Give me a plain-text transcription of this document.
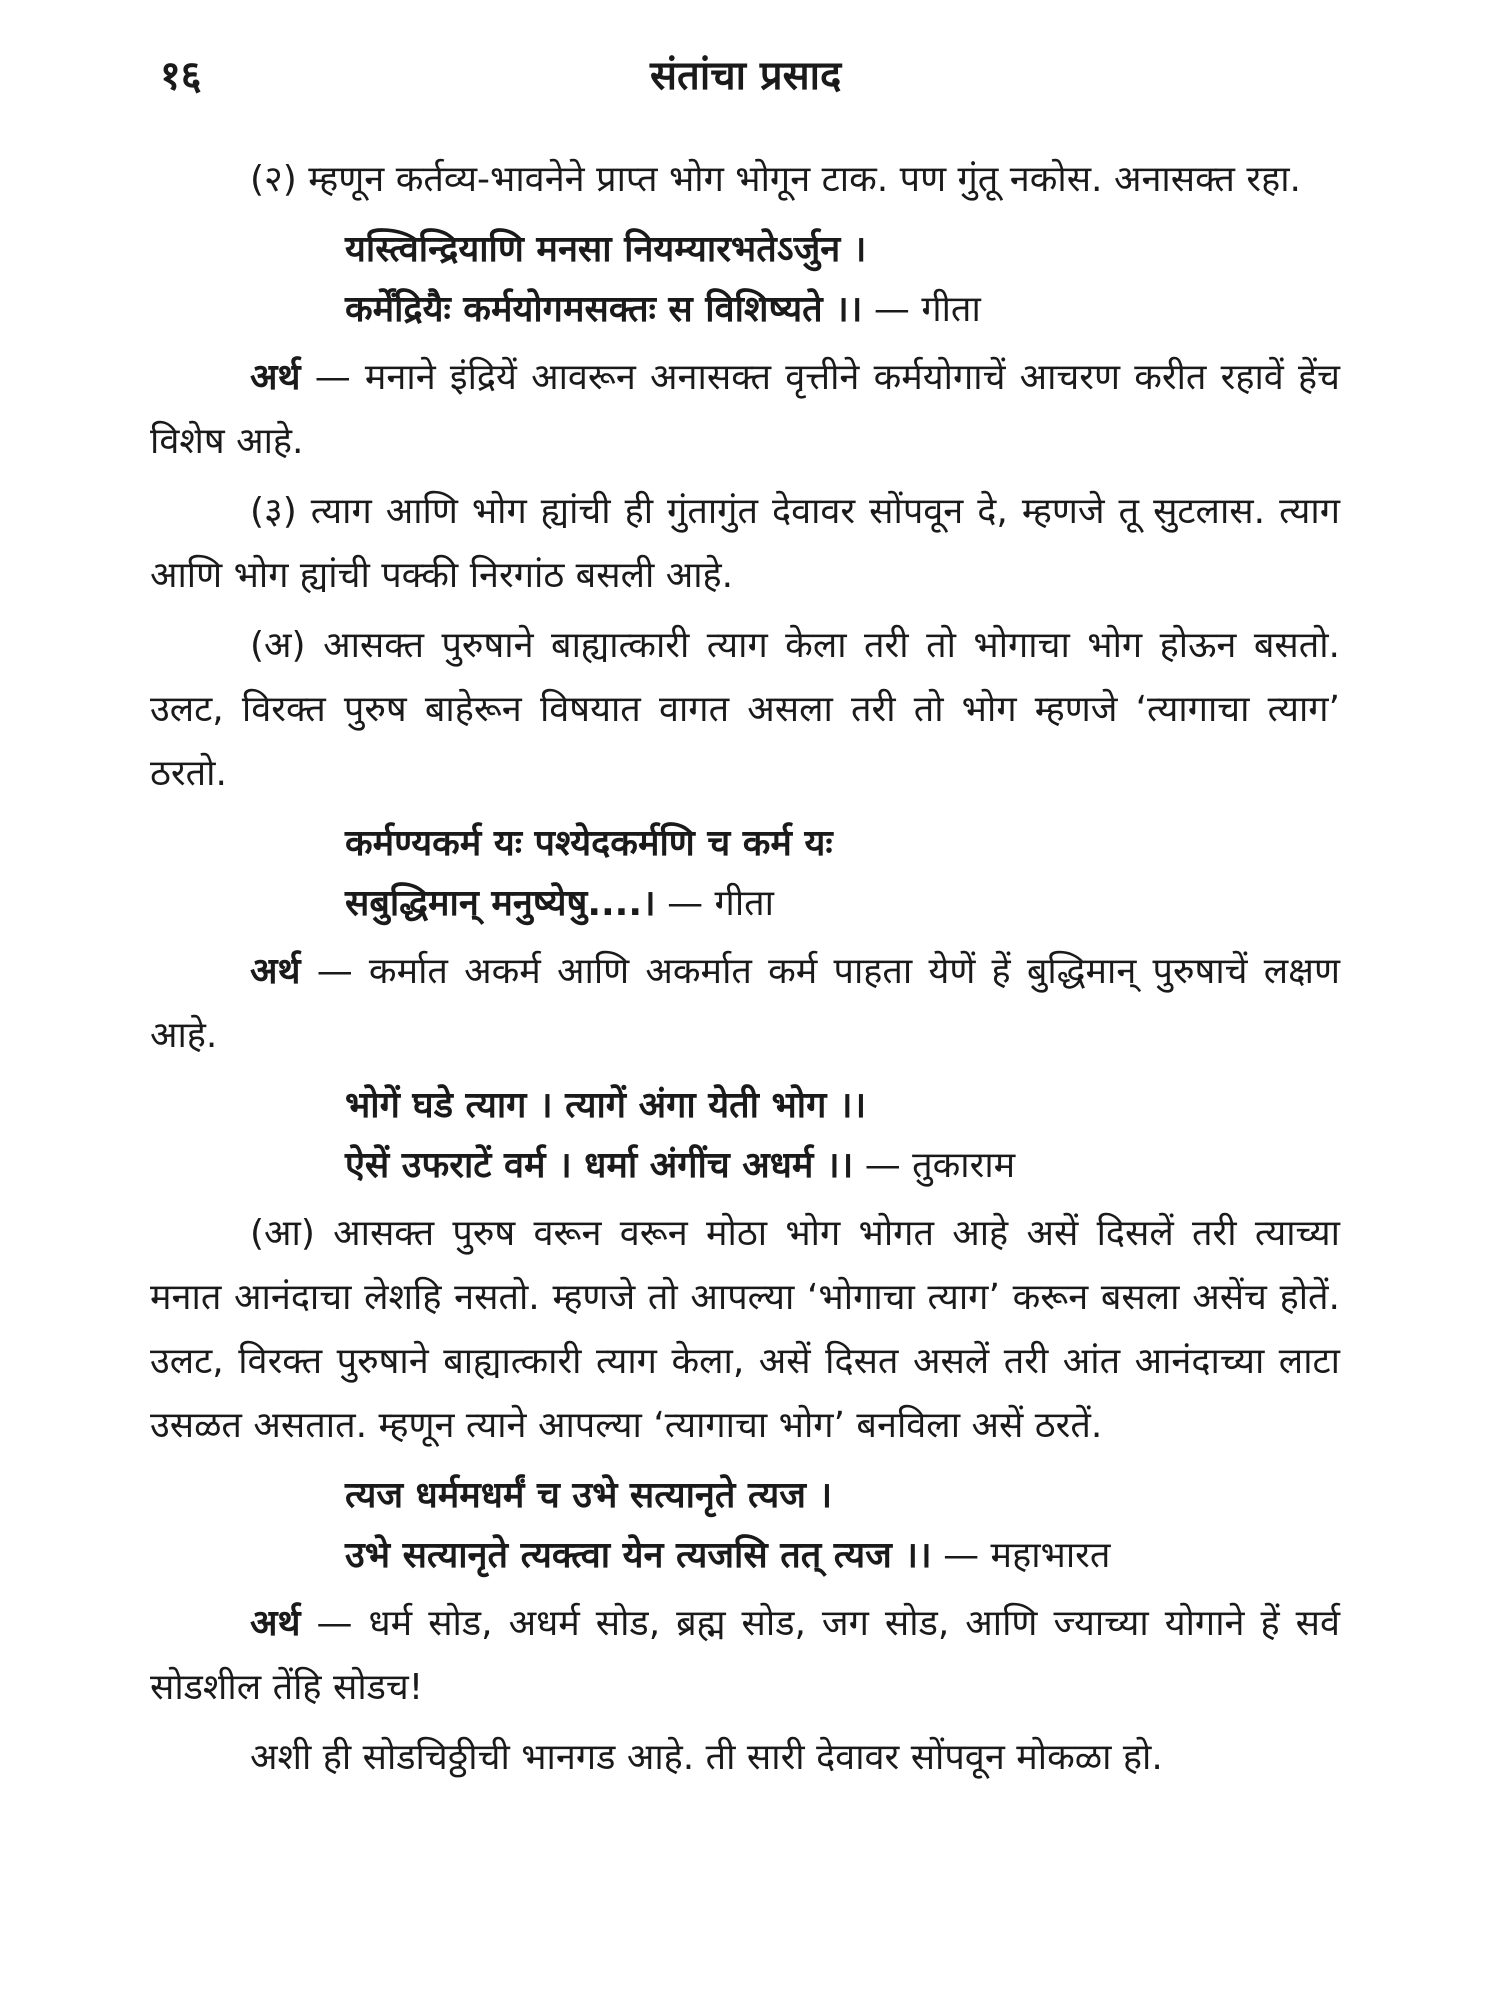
१६	संतांचा प्रसाद

(२) म्हणून कर्तव्य-भावनेने प्राप्त भोग भोगून टाक. पण गुंतू नकोस. अनासक्त रहा.

यस्त्विन्द्रियाणि मनसा नियम्यारभतेऽर्जुन ।

कर्मेंद्रियैः कर्मयोगमसक्तः स विशिष्यते ।। — गीता

अर्थ — मनाने इंद्रियें आवरून अनासक्त वृत्तीने कर्मयोगाचें आचरण करीत रहावें हेंच विशेष आहे.

(३) त्याग आणि भोग ह्यांची ही गुंतागुंत देवावर सोंपवून दे, म्हणजे तू सुटलास. त्याग आणि भोग ह्यांची पक्की निरगांठ बसली आहे.

(अ) आसक्त पुरुषाने बाह्यात्कारी त्याग केला तरी तो भोगाचा भोग होऊन बसतो. उलट, विरक्त पुरुष बाहेरून विषयात वागत असला तरी तो भोग म्हणजे ‘त्यागाचा त्याग’ ठरतो.

कर्मण्यकर्म यः पश्येदकर्मणि च कर्म यः

सबुद्धिमान् मनुष्येषु....। — गीता

अर्थ — कर्मात अकर्म आणि अकर्मात कर्म पाहता येणें हें बुद्धिमान् पुरुषाचें लक्षण आहे.

भोगें घडे त्याग । त्यागें अंगा येती भोग ।।

ऐसें उफराटें वर्म । धर्मा अंगींच अधर्म ।। — तुकाराम

(आ) आसक्त पुरुष वरून वरून मोठा भोग भोगत आहे असें दिसलें तरी त्याच्या मनात आनंदाचा लेशहि नसतो. म्हणजे तो आपल्या ‘भोगाचा त्याग’ करून बसला असेंच होतें. उलट, विरक्त पुरुषाने बाह्यात्कारी त्याग केला, असें दिसत असलें तरी आंत आनंदाच्या लाटा उसळत असतात. म्हणून त्याने आपल्या ‘त्यागाचा भोग’ बनविला असें ठरतें.

त्यज धर्ममधर्मं च उभे सत्यानृते त्यज ।

उभे सत्यानृते त्यक्त्वा येन त्यजसि तत् त्यज ।। — महाभारत

अर्थ — धर्म सोड, अधर्म सोड, ब्रह्म सोड, जग सोड, आणि ज्याच्या योगाने हें सर्व सोडशील तेंहि सोडच!

अशी ही सोडचिठ्ठीची भानगड आहे. ती सारी देवावर सोंपवून मोकळा हो.
